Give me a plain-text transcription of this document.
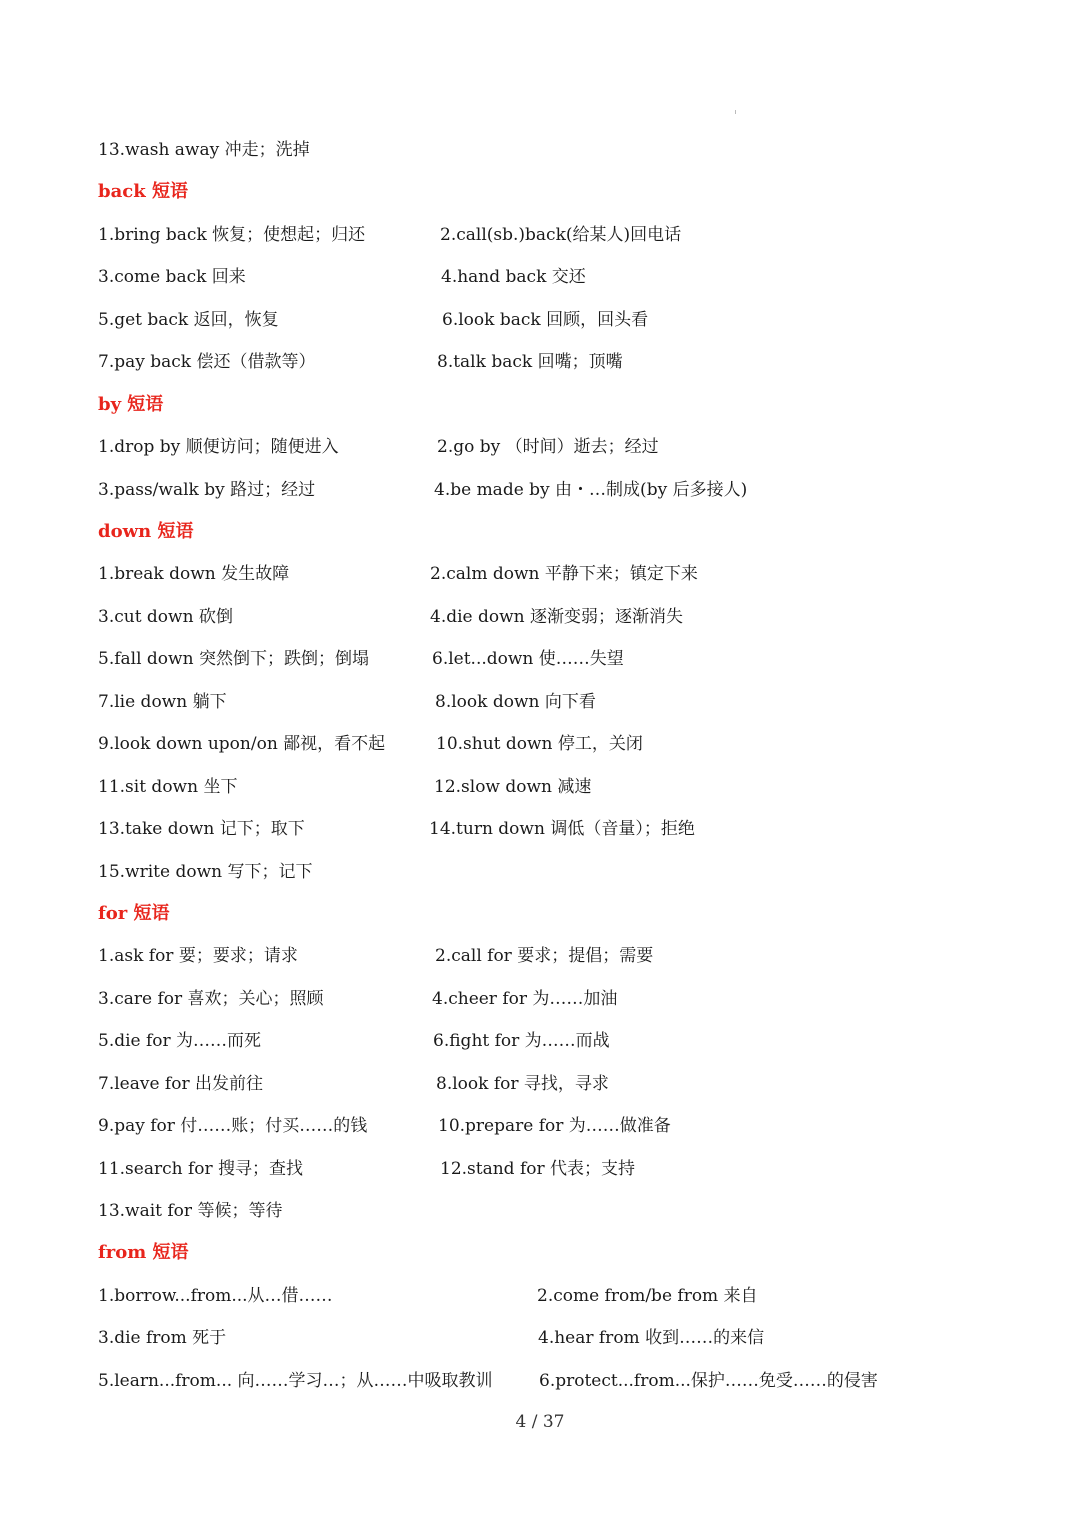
13.wash away 冲走；洗掉
back 短语
1.bring back 恢复；使想起；归还	2.call(sb.)back(给某人)回电话
3.come back 回来	4.hand back 交还
5.get back 返回，恢复	6.look back 回顾，回头看
7.pay back 偿还（借款等）	8.talk back 回嘴；顶嘴
by 短语
1.drop by 顺便访问；随便进入	2.go by （时间）逝去；经过
3.pass/walk by 路过；经过	4.be made by 由・…制成(by 后多接人)
down 短语
1.break down 发生故障	2.calm down 平静下来；镇定下来
3.cut down 砍倒	4.die down 逐渐变弱；逐渐消失
5.fall down 突然倒下；跌倒；倒塌	6.let...down 使……失望
7.lie down 躺下	8.look down 向下看
9.look down upon/on 鄙视，看不起	10.shut down 停工，关闭
11.sit down 坐下	12.slow down 减速
13.take down 记下；取下	14.turn down 调低（音量）；拒绝
15.write down 写下；记下
for 短语
1.ask for 要；要求；请求	2.call for 要求；提倡；需要
3.care for 喜欢；关心；照顾	4.cheer for 为……加油
5.die for 为……而死	6.fight for 为……而战
7.leave for 出发前往	8.look for 寻找，寻求
9.pay for 付……账；付买……的钱	10.prepare for 为……做准备
11.search for 搜寻；查找	12.stand for 代表；支持
13.wait for 等候；等待
from 短语
1.borrow...from...从…借……	2.come from/be from 来自
3.die from 死于	4.hear from 收到……的来信
5.learn...from... 向……学习…；从……中吸取教训	6.protect...from...保护……免受……的侵害
4 / 37
